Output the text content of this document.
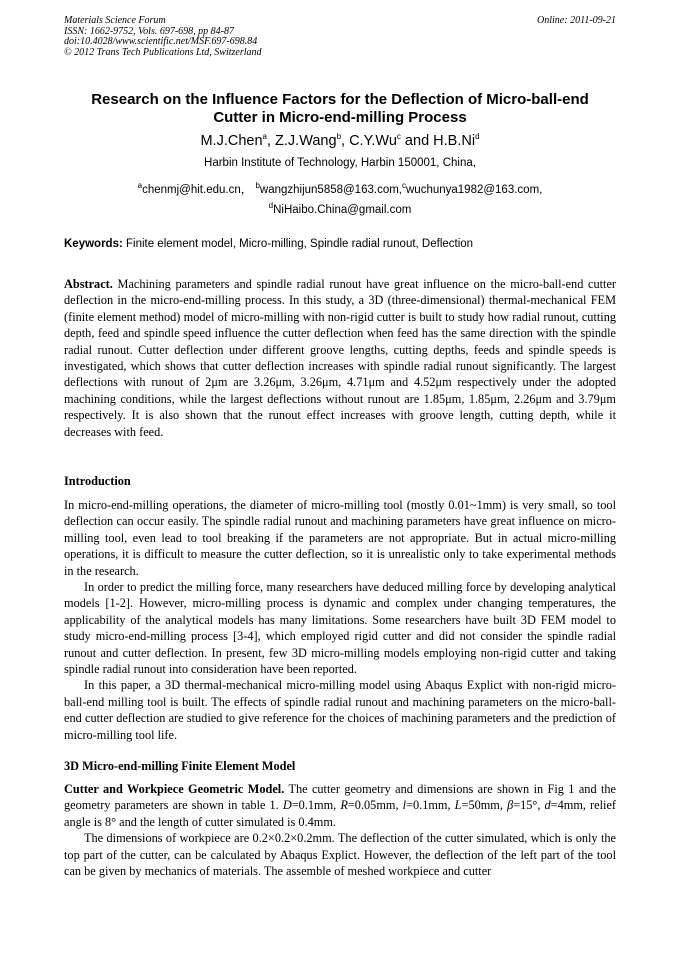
Materials Science Forum
ISSN: 1662-9752, Vols. 697-698, pp 84-87
doi:10.4028/www.scientific.net/MSF.697-698.84
© 2012 Trans Tech Publications Ltd, Switzerland
Online: 2011-09-21
Research on the Influence Factors for the Deflection of Micro-ball-end
Cutter in Micro-end-milling Process
M.J.Chen$^a$, Z.J.Wang$^b$, C.Y.Wu$^c$ and H.B.Ni$^d$
Harbin Institute of Technology, Harbin 150001, China,
$^a$chenmj@hit.edu.cn， $^b$wangzhijun5858@163.com,$^c$wuchunya1982@163.com,
$^d$NiHaibo.China@gmail.com
Keywords: Finite element model, Micro-milling, Spindle radial runout, Deflection

Abstract. Machining parameters and spindle radial runout have great influence on the micro-ball-end cutter deflection in the micro-end-milling process. In this study, a 3D (three-dimensional) thermal-mechanical FEM (finite element method) model of micro-milling with non-rigid cutter is built to study how radial runout, cutting depth, feed and spindle speed influence the cutter deflection when feed has the same direction with the spindle radial runout. Cutter deflection under different groove lengths, cutting depths, feeds and spindle speeds is investigated, which shows that cutter deflection increases with spindle radial runout significantly. The largest deflections with runout of 2μm are 3.26μm, 3.26μm, 4.71μm and 4.52μm respectively under the adopted machining conditions, while the largest deflections without runout are 1.85μm, 1.85μm, 2.26μm and 3.79μm respectively. It is also shown that the runout effect increases with groove length, cutting depth, while it decreases with feed.

Introduction

In micro-end-milling operations, the diameter of micro-milling tool (mostly 0.01~1mm) is very small, so tool deflection can occur easily. The spindle radial runout and machining parameters have great influence on micro-milling tool, even lead to tool breaking if the parameters are not appropriate. But in actual micro-milling operations, it is difficult to measure the cutter deflection, so it is unrealistic only to take experimental methods in the research.

In order to predict the milling force, many researchers have deduced milling force by developing analytical models [1-2]. However, micro-milling process is dynamic and complex under changing temperatures, the applicability of the analytical models has many limitations. Some researchers have built 3D FEM model to study micro-end-milling process [3-4], which employed rigid cutter and did not consider the spindle radial runout and cutter deflection. In present, few 3D micro-milling models employing non-rigid cutter and taking spindle radial runout into consideration have been reported.

In this paper, a 3D thermal-mechanical micro-milling model using Abaqus Explict with non-rigid micro-ball-end milling tool is built. The effects of spindle radial runout and machining parameters on the micro-ball-end cutter deflection are studied to give reference for the choices of machining parameters and the prediction of micro-milling tool life.

3D Micro-end-milling Finite Element Model

Cutter and Workpiece Geometric Model. The cutter geometry and dimensions are shown in Fig 1 and the geometry parameters are shown in table 1. D=0.1mm, R=0.05mm, l=0.1mm, L=50mm, β=15°, d=4mm, relief angle is 8° and the length of cutter simulated is 0.4mm.

The dimensions of workpiece are 0.2×0.2×0.2mm. The deflection of the cutter simulated, which is only the top part of the cutter, can be calculated by Abaqus Explict. However, the deflection of the left part of the tool can be given by mechanics of materials. The assemble of meshed workpiece and cutter
